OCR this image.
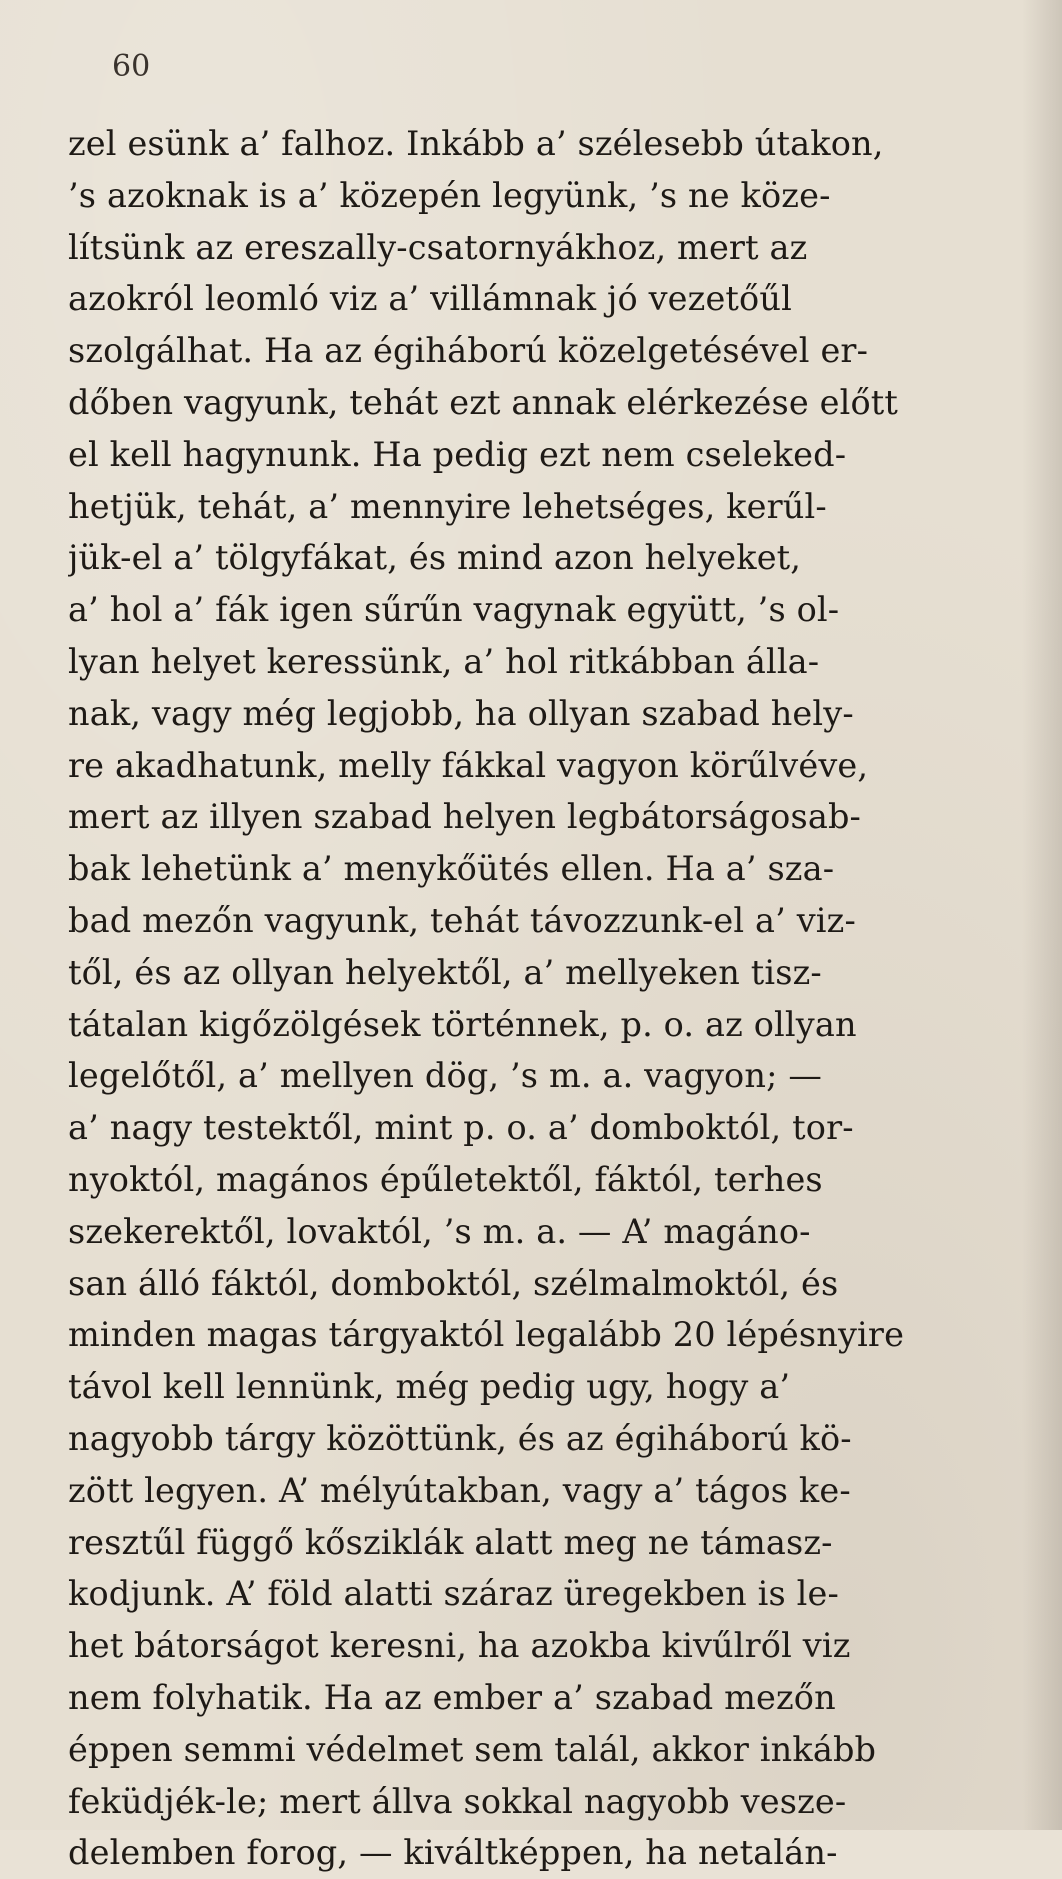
60
zel esünk a’ falhoz. Inkább a’ szélesebb útakon,
’s azoknak is a’ közepén legyünk, ’s ne köze-
lítsünk az ereszally-csatornyákhoz, mert az
azokról leomló viz a’ villámnak jó vezetőűl
szolgálhat. Ha az égiháború közelgetésével er-
dőben vagyunk, tehát ezt annak elérkezése előtt
el kell hagynunk. Ha pedig ezt nem cseleked-
hetjük, tehát, a’ mennyire lehetséges, kerűl-
jük-el a’ tölgyfákat, és mind azon helyeket,
a’ hol a’ fák igen sűrűn vagynak együtt, ’s ol-
lyan helyet keressünk, a’ hol ritkábban álla-
nak, vagy még legjobb, ha ollyan szabad hely-
re akadhatunk, melly fákkal vagyon körűlvéve,
mert az illyen szabad helyen legbátorságosab-
bak lehetünk a’ menykőütés ellen. Ha a’ sza-
bad mezőn vagyunk, tehát távozzunk-el a’ viz-
től, és az ollyan helyektől, a’ mellyeken tisz-
tátalan kigőzölgések történnek, p. o. az ollyan
legelőtől, a’ mellyen dög, ’s m. a. vagyon; —
a’ nagy testektől, mint p. o. a’ domboktól, tor-
nyoktól, magános épűletektől, fáktól, terhes
szekerektől, lovaktól, ’s m. a. — A’ magáno-
san álló fáktól, domboktól, szélmalmoktól, és
minden magas tárgyaktól legalább 20 lépésnyire
távol kell lennünk, még pedig ugy, hogy a’
nagyobb tárgy közöttünk, és az égiháború kö-
zött legyen. A’ mélyútakban, vagy a’ tágos ke-
resztűl függő kősziklák alatt meg ne támasz-
kodjunk. A’ föld alatti száraz üregekben is le-
het bátorságot keresni, ha azokba kivűlről viz
nem folyhatik. Ha az ember a’ szabad mezőn
éppen semmi védelmet sem talál, akkor inkább
feküdjék-le; mert állva sokkal nagyobb vesze-
delemben forog, — kiváltképpen, ha netalán-
